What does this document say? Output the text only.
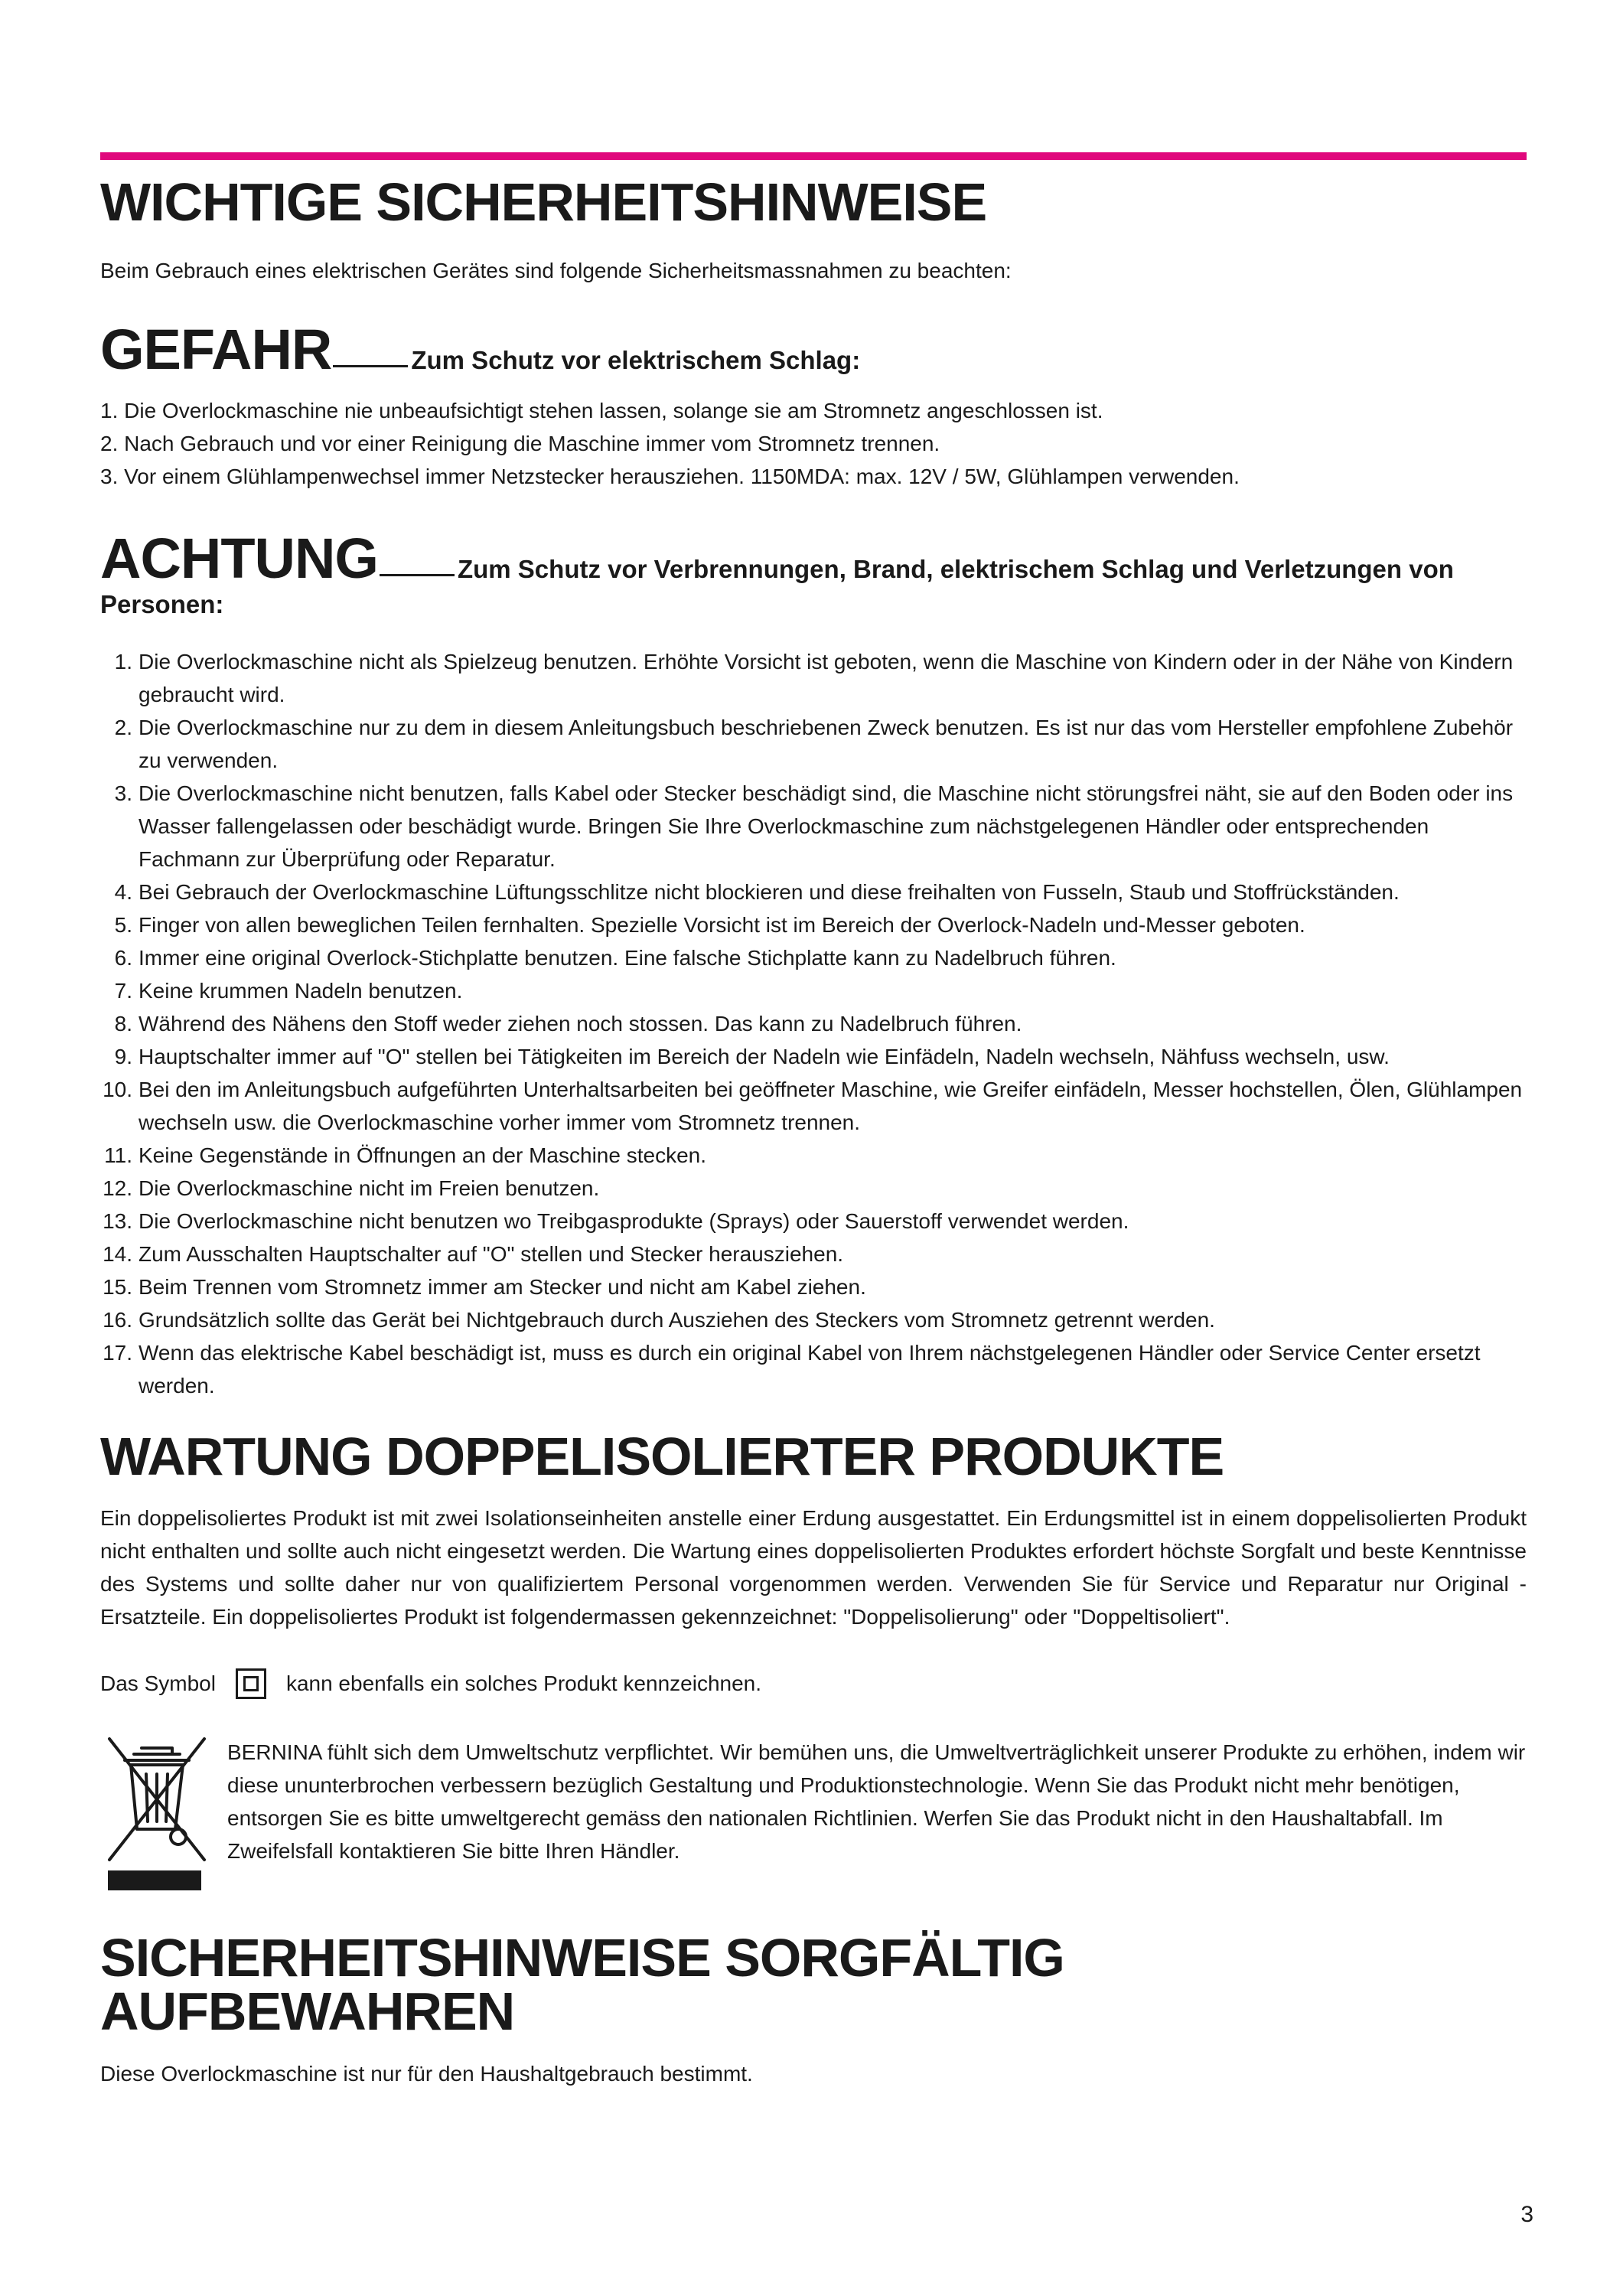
WICHTIGE SICHERHEITSHINWEISE

Beim Gebrauch eines elektrischen Gerätes sind folgende Sicherheitsmassnahmen zu beachten:

GEFAHR	Zum Schutz vor elektrischem Schlag:
1. Die Overlockmaschine nie unbeaufsichtigt stehen lassen, solange sie am Stromnetz angeschlossen ist.
2. Nach Gebrauch und vor einer Reinigung die Maschine immer vom Stromnetz trennen.
3. Vor einem Glühlampenwechsel immer Netzstecker herausziehen. 1150MDA: max. 12V / 5W, Glühlampen verwenden.
ACHTUNG	Zum Schutz vor Verbrennungen, Brand, elektrischem Schlag und Verletzungen von
Personen:
1. Die Overlockmaschine nicht als Spielzeug benutzen. Erhöhte Vorsicht ist geboten, wenn die Maschine von Kindern oder in der Nähe von Kindern gebraucht wird.
2. Die Overlockmaschine nur zu dem in diesem Anleitungsbuch beschriebenen Zweck benutzen. Es ist nur das vom Hersteller empfohlene Zubehör zu verwenden.
3. Die Overlockmaschine nicht benutzen, falls Kabel oder Stecker beschädigt sind, die Maschine nicht störungsfrei näht, sie auf den Boden oder ins Wasser fallengelassen oder beschädigt wurde. Bringen Sie Ihre Overlockmaschine zum nächstgelegenen Händler oder entsprechenden Fachmann zur Überprüfung oder Reparatur.
4. Bei Gebrauch der Overlockmaschine Lüftungsschlitze nicht blockieren und diese freihalten von Fusseln, Staub und Stoffrückständen.
5. Finger von allen beweglichen Teilen fernhalten. Spezielle Vorsicht ist im Bereich der Overlock-Nadeln und-Messer geboten.
6. Immer eine original Overlock-Stichplatte benutzen. Eine falsche Stichplatte kann zu Nadelbruch führen.
7. Keine krummen Nadeln benutzen.
8. Während des Nähens den Stoff weder ziehen noch stossen. Das kann zu Nadelbruch führen.
9. Hauptschalter immer auf "O" stellen bei Tätigkeiten im Bereich der Nadeln wie Einfädeln, Nadeln wechseln, Nähfuss wechseln, usw.
10. Bei den im Anleitungsbuch aufgeführten Unterhaltsarbeiten bei geöffneter Maschine, wie Greifer einfädeln, Messer hochstellen, Ölen, Glühlampen wechseln usw. die Overlockmaschine vorher immer vom Stromnetz trennen.
11. Keine Gegenstände in Öffnungen an der Maschine stecken.
12. Die Overlockmaschine nicht im Freien benutzen.
13. Die Overlockmaschine nicht benutzen wo Treibgasprodukte (Sprays) oder Sauerstoff verwendet werden.
14. Zum Ausschalten Hauptschalter auf "O" stellen und Stecker herausziehen.
15. Beim Trennen vom Stromnetz immer am Stecker und nicht am Kabel ziehen.
16. Grundsätzlich sollte das Gerät bei Nichtgebrauch durch Ausziehen des Steckers vom Stromnetz getrennt werden.
17. Wenn das elektrische Kabel beschädigt ist, muss es durch ein original Kabel von Ihrem nächstgelegenen Händler oder Service Center ersetzt werden.
WARTUNG DOPPELISOLIERTER PRODUKTE

Ein doppelisoliertes Produkt ist mit zwei Isolationseinheiten anstelle einer Erdung ausgestattet. Ein Erdungsmittel ist in einem doppelisolierten Produkt nicht enthalten und sollte auch nicht eingesetzt werden. Die Wartung eines doppelisolierten Produktes erfordert höchste Sorgfalt und beste Kenntnisse des Systems und sollte daher nur von qualifiziertem Personal vorgenommen werden. Verwenden Sie für Service und Reparatur nur Original - Ersatzteile. Ein doppelisoliertes Produkt ist folgendermassen gekennzeichnet: "Doppelisolierung" oder "Doppeltisoliert".

Das Symbol	kann ebenfalls ein solches Produkt kennzeichnen.

BERNINA fühlt sich dem Umweltschutz verpflichtet. Wir bemühen uns, die Umweltverträglichkeit unserer Produkte zu erhöhen, indem wir diese ununterbrochen verbessern bezüglich Gestaltung und Produktionstechnologie. Wenn Sie das Produkt nicht mehr benötigen, entsorgen Sie es bitte umweltgerecht gemäss den nationalen Richtlinien. Werfen Sie das Produkt nicht in den Haushaltabfall. Im Zweifelsfall kontaktieren Sie bitte Ihren Händler.

SICHERHEITSHINWEISE SORGFÄLTIG
AUFBEWAHREN

Diese Overlockmaschine ist nur für den Haushaltgebrauch bestimmt.

3
